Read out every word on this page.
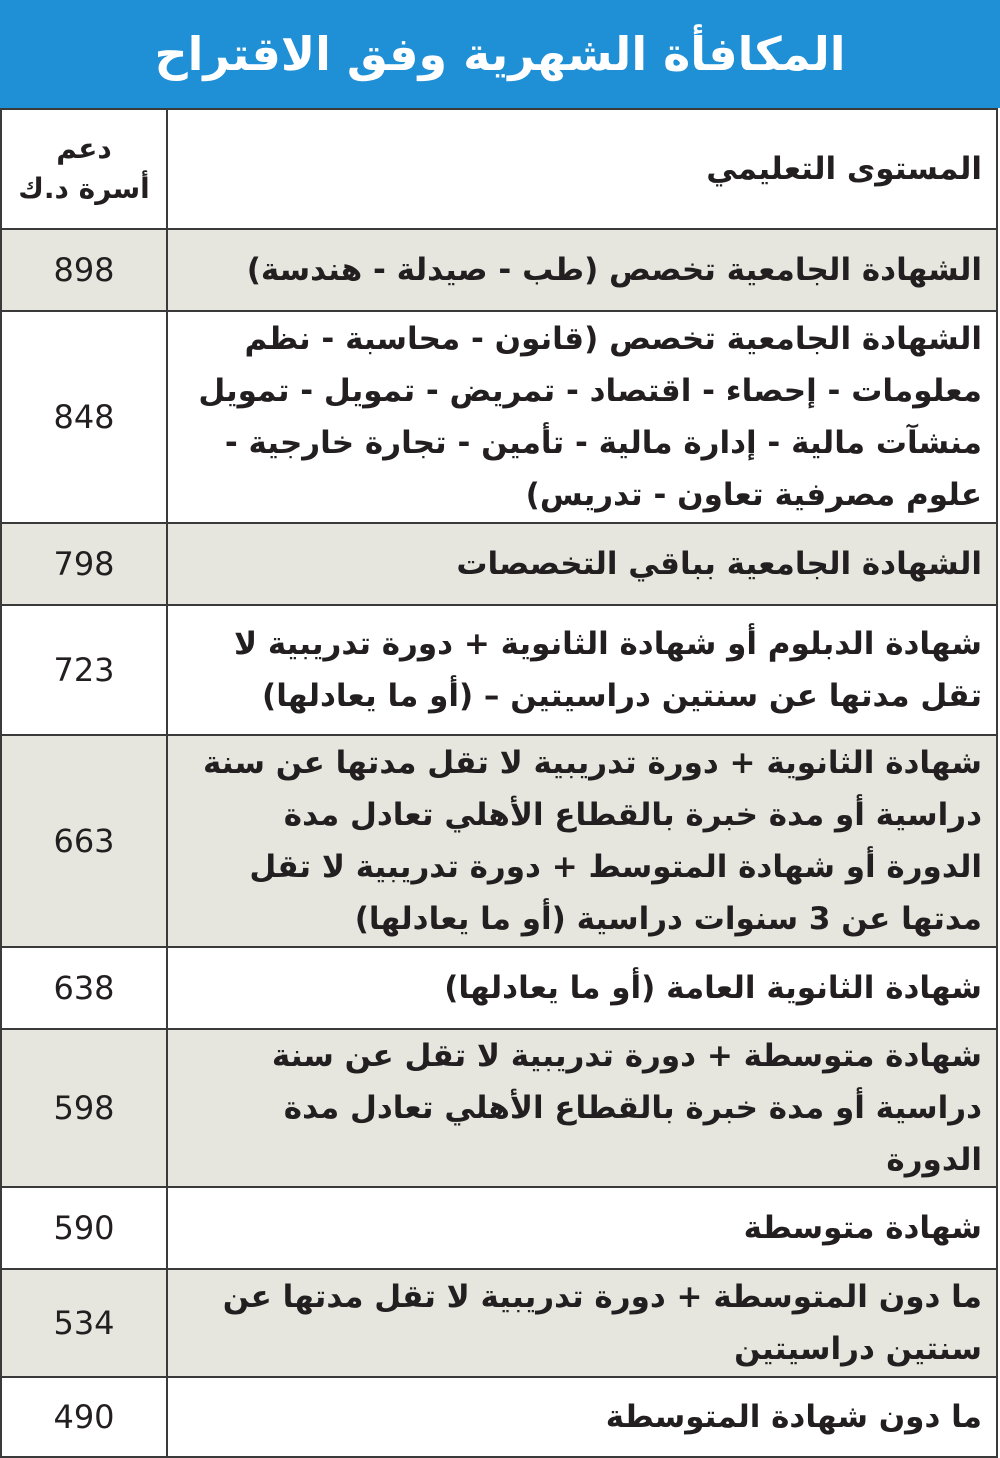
المكافأة الشهرية وفق الاقتراح
دعم
أسرة د.ك	المستوى التعليمي
898	الشهادة الجامعية تخصص (طب - صيدلة - هندسة)
848	الشهادة الجامعية تخصص (قانون - محاسبة - نظم معلومات - إحصاء - اقتصاد - تمريض - تمويل - تمويل منشآت مالية - إدارة مالية - تأمين - تجارة خارجية - علوم مصرفية تعاون - تدريس)
798	الشهادة الجامعية بباقي التخصصات
723	شهادة الدبلوم أو شهادة الثانوية + دورة تدريبية لا تقل مدتها عن سنتين دراسيتين – (أو ما يعادلها)
663	شهادة الثانوية + دورة تدريبية لا تقل مدتها عن سنة دراسية أو مدة خبرة بالقطاع الأهلي تعادل مدة الدورة أو شهادة المتوسط + دورة تدريبية لا تقل مدتها عن 3 سنوات دراسية (أو ما يعادلها)
638	شهادة الثانوية العامة (أو ما يعادلها)
598	شهادة متوسطة + دورة تدريبية لا تقل عن سنة دراسية أو مدة خبرة بالقطاع الأهلي تعادل مدة الدورة
590	شهادة متوسطة
534	ما دون المتوسطة + دورة تدريبية لا تقل مدتها عن سنتين دراسيتين
490	ما دون شهادة المتوسطة
